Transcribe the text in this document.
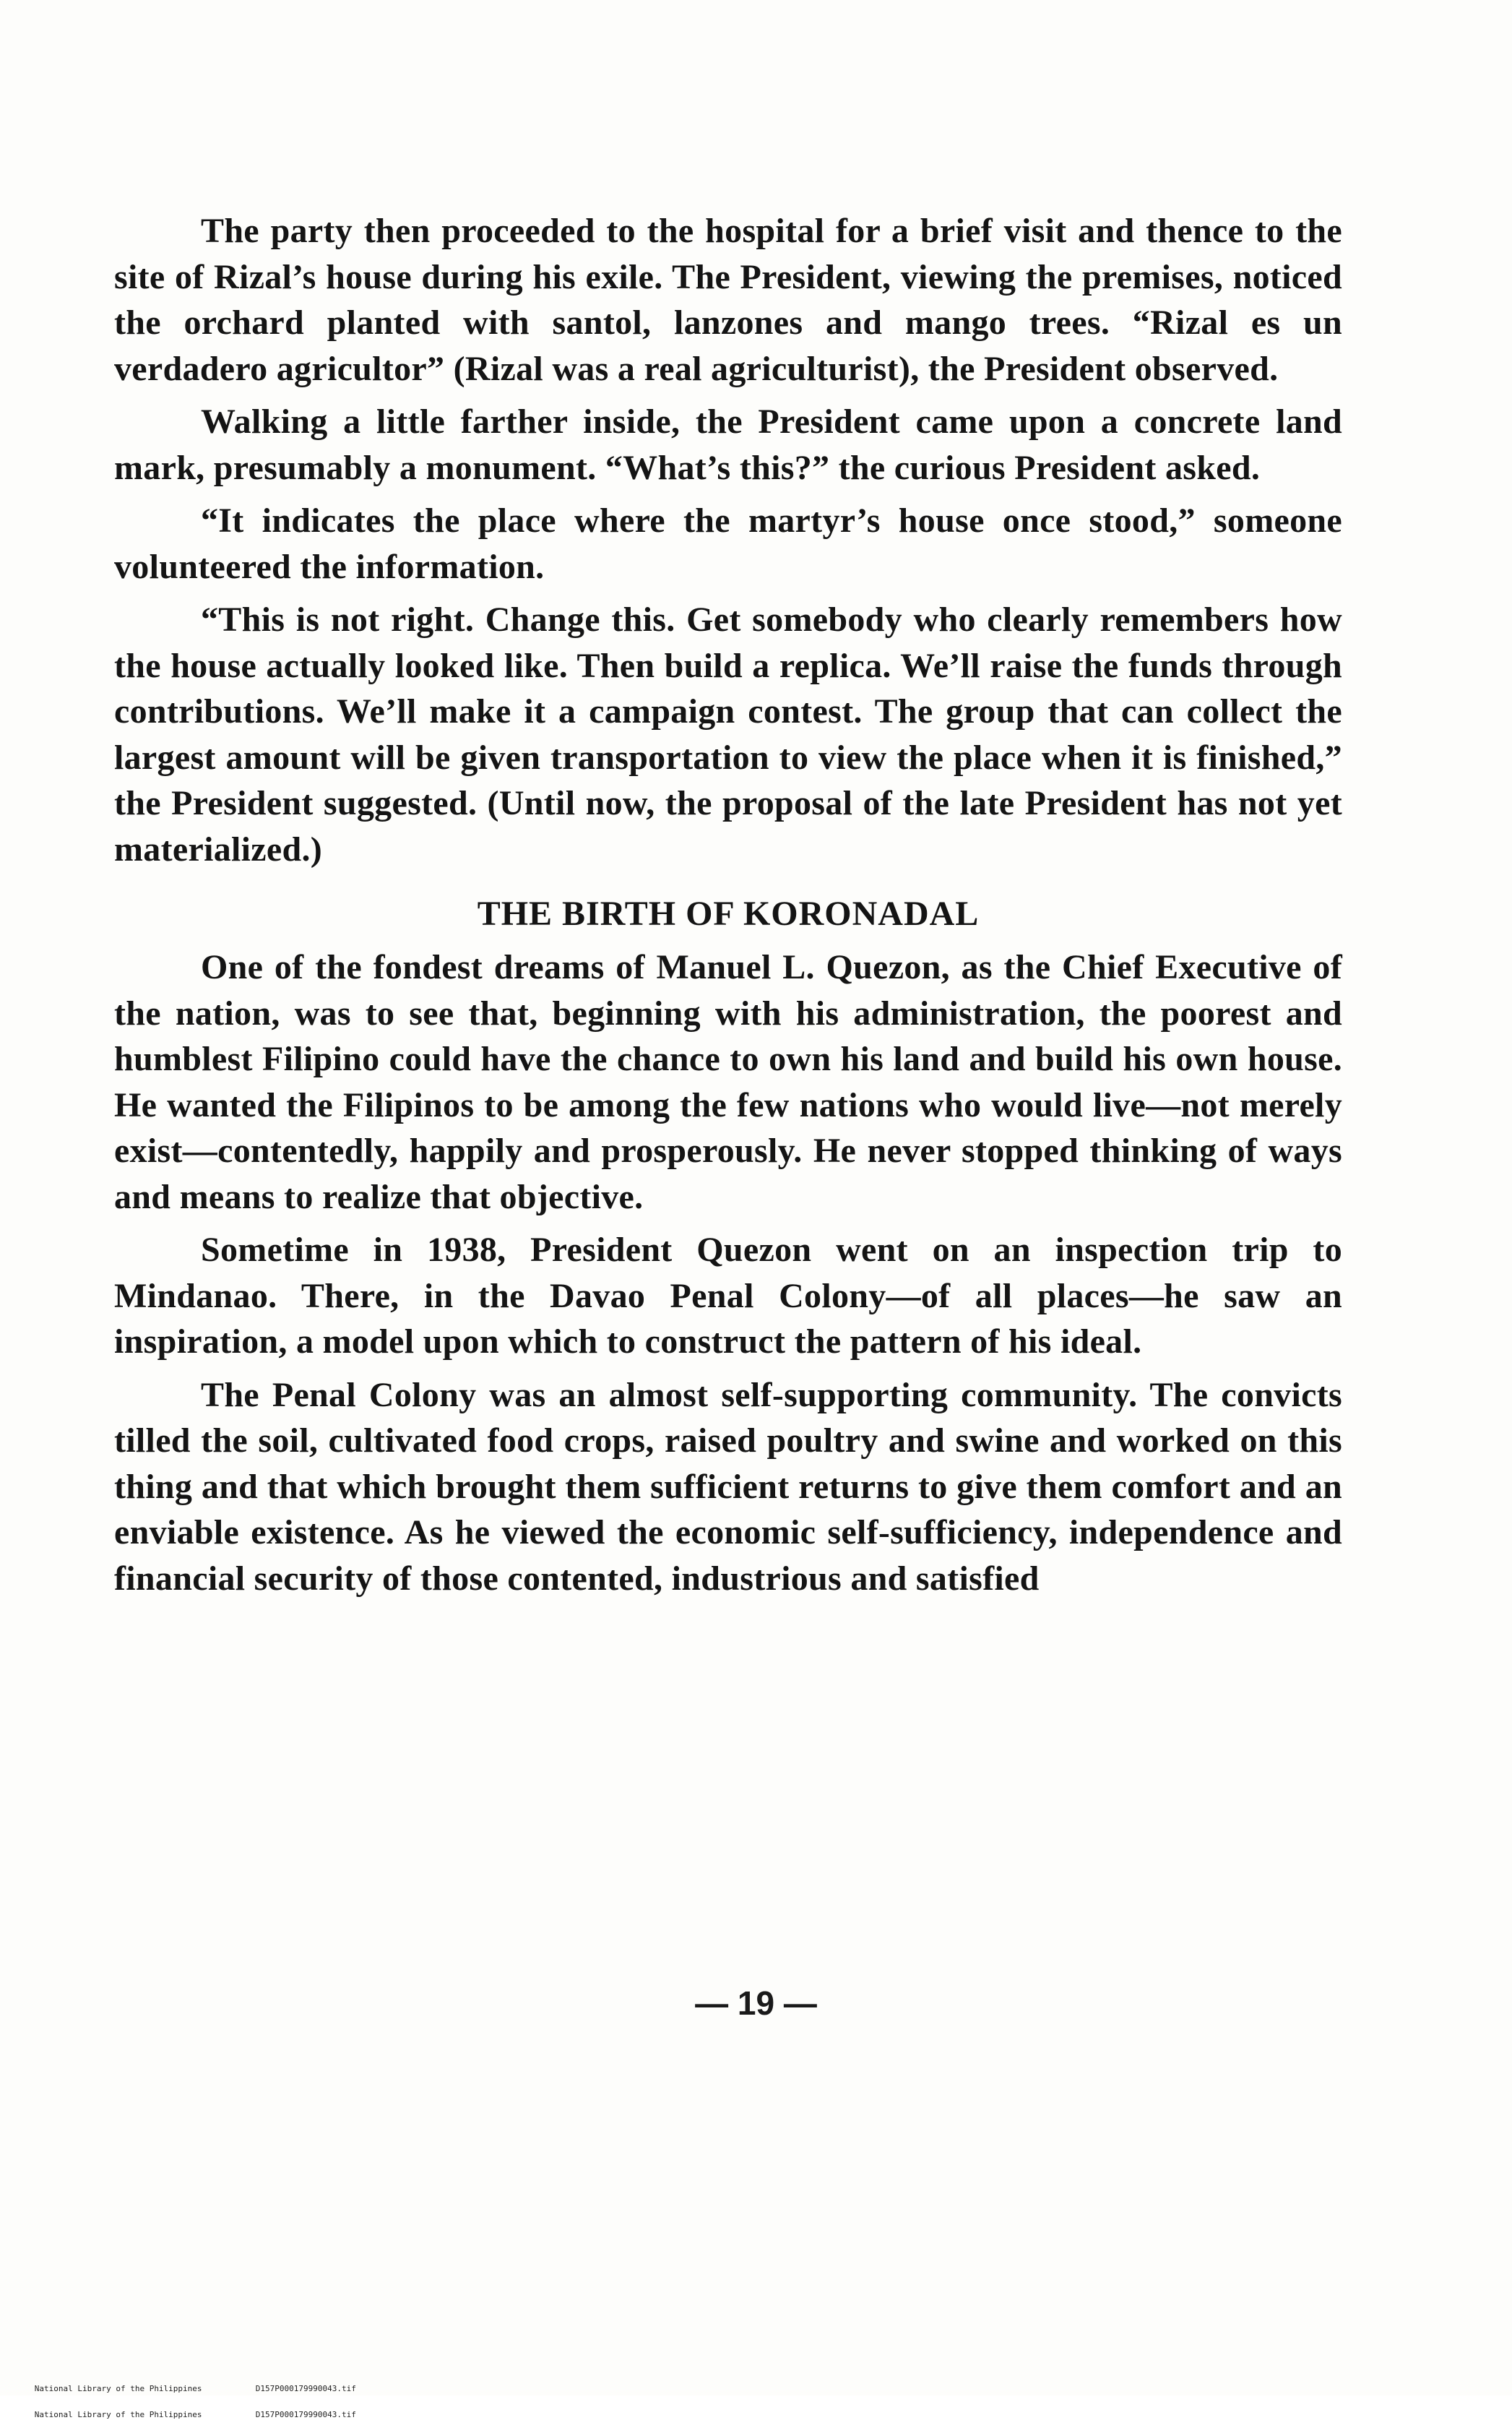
The party then proceeded to the hospital for a brief visit and thence to the site of Rizal’s house during his exile. The President, viewing the premises, noticed the orchard planted with santol, lanzones and mango trees. “Rizal es un verdadero agricultor” (Rizal was a real agriculturist), the President observed.

Walking a little farther inside, the President came upon a concrete land mark, presumably a monument. “What’s this?” the curious President asked.

“It indicates the place where the martyr’s house once stood,” someone volunteered the information.

“This is not right. Change this. Get somebody who clearly remembers how the house actually looked like. Then build a replica. We’ll raise the funds through contributions. We’ll make it a campaign contest. The group that can collect the largest amount will be given transportation to view the place when it is finished,” the President suggested. (Until now, the proposal of the late President has not yet materialized.)

THE BIRTH OF KORONADAL

One of the fondest dreams of Manuel L. Quezon, as the Chief Executive of the nation, was to see that, beginning with his administration, the poorest and humblest Filipino could have the chance to own his land and build his own house. He wanted the Filipinos to be among the few nations who would live—not merely exist—contentedly, happily and prosperously. He never stopped thinking of ways and means to realize that objective.

Sometime in 1938, President Quezon went on an inspection trip to Mindanao. There, in the Davao Penal Colony—of all places—he saw an inspiration, a model upon which to construct the pattern of his ideal.

The Penal Colony was an almost self-supporting community. The convicts tilled the soil, cultivated food crops, raised poultry and swine and worked on this thing and that which brought them sufficient returns to give them comfort and an enviable existence. As he viewed the economic self-sufficiency, independence and financial security of those contented, industrious and satisfied

— 19 —

National Library of the Philippines	D157P000179990043.tif

National Library of the Philippines	D157P000179990043.tif
